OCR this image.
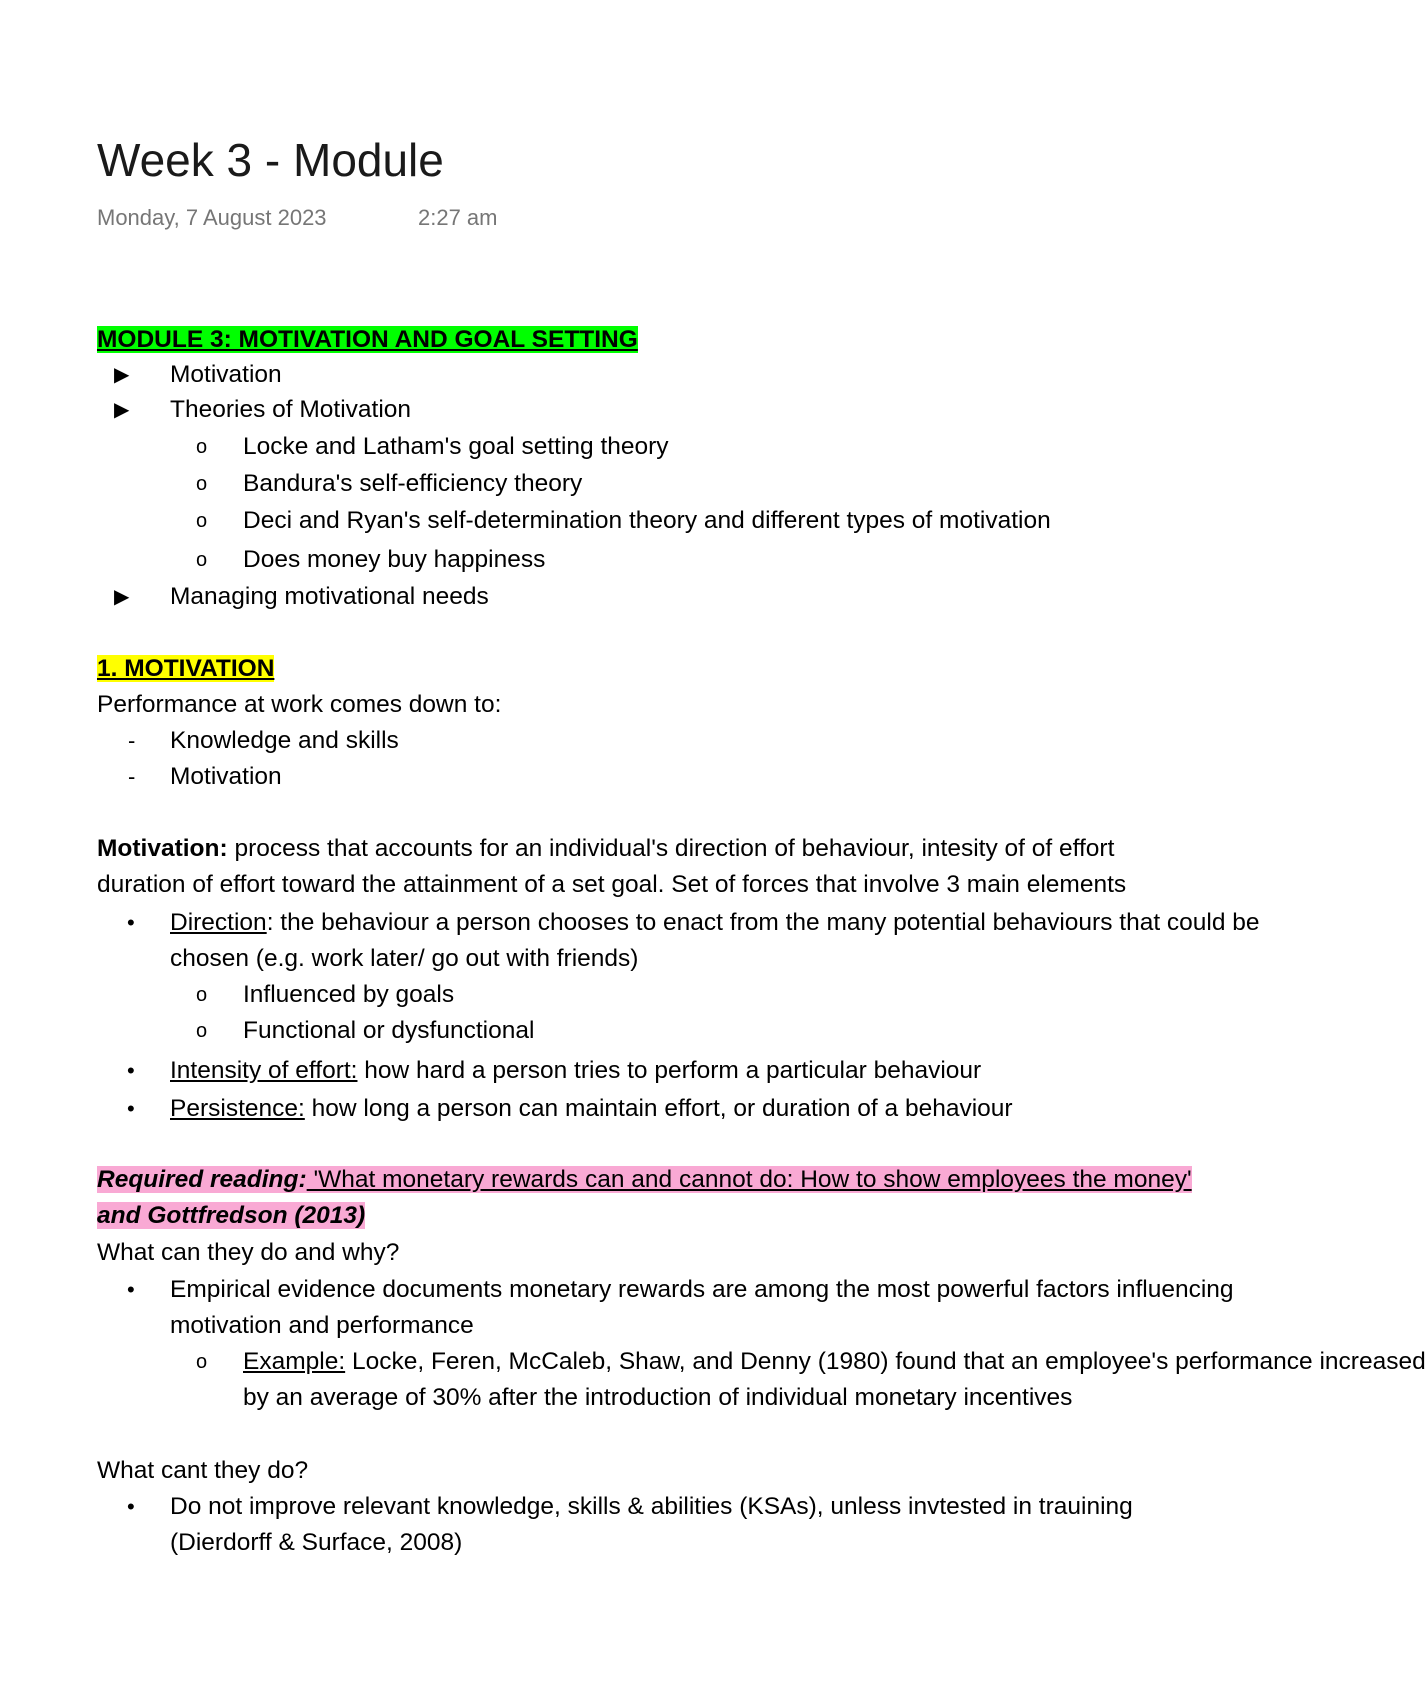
Week 3 - Module
Monday, 7 August 2023	2:27 am
MODULE 3: MOTIVATION AND GOAL SETTING
▶ Motivation
▶ Theories of Motivation
o Locke and Latham's goal setting theory
o Bandura's self-efficiency theory
o Deci and Ryan's self-determination theory and different types of motivation
o Does money buy happiness
▶ Managing motivational needs
1. MOTIVATION
Performance at work comes down to:
- Knowledge and skills
- Motivation
Motivation: process that accounts for an individual's direction of behaviour, intesity of of effort
duration of effort toward the attainment of a set goal. Set of forces that involve 3 main elements
• Direction: the behaviour a person chooses to enact from the many potential behaviours that could be
chosen (e.g. work later/ go out with friends)
o Influenced by goals
o Functional or dysfunctional
• Intensity of effort: how hard a person tries to perform a particular behaviour
• Persistence: how long a person can maintain effort, or duration of a behaviour
Required reading: 'What monetary rewards can and cannot do: How to show employees the money'
and Gottfredson (2013)
What can they do and why?
• Empirical evidence documents monetary rewards are among the most powerful factors influencing
motivation and performance
o Example: Locke, Feren, McCaleb, Shaw, and Denny (1980) found that an employee's performance increased
by an average of 30% after the introduction of individual monetary incentives
What cant they do?
• Do not improve relevant knowledge, skills & abilities (KSAs), unless invtested in trauining
(Dierdorff & Surface, 2008)
